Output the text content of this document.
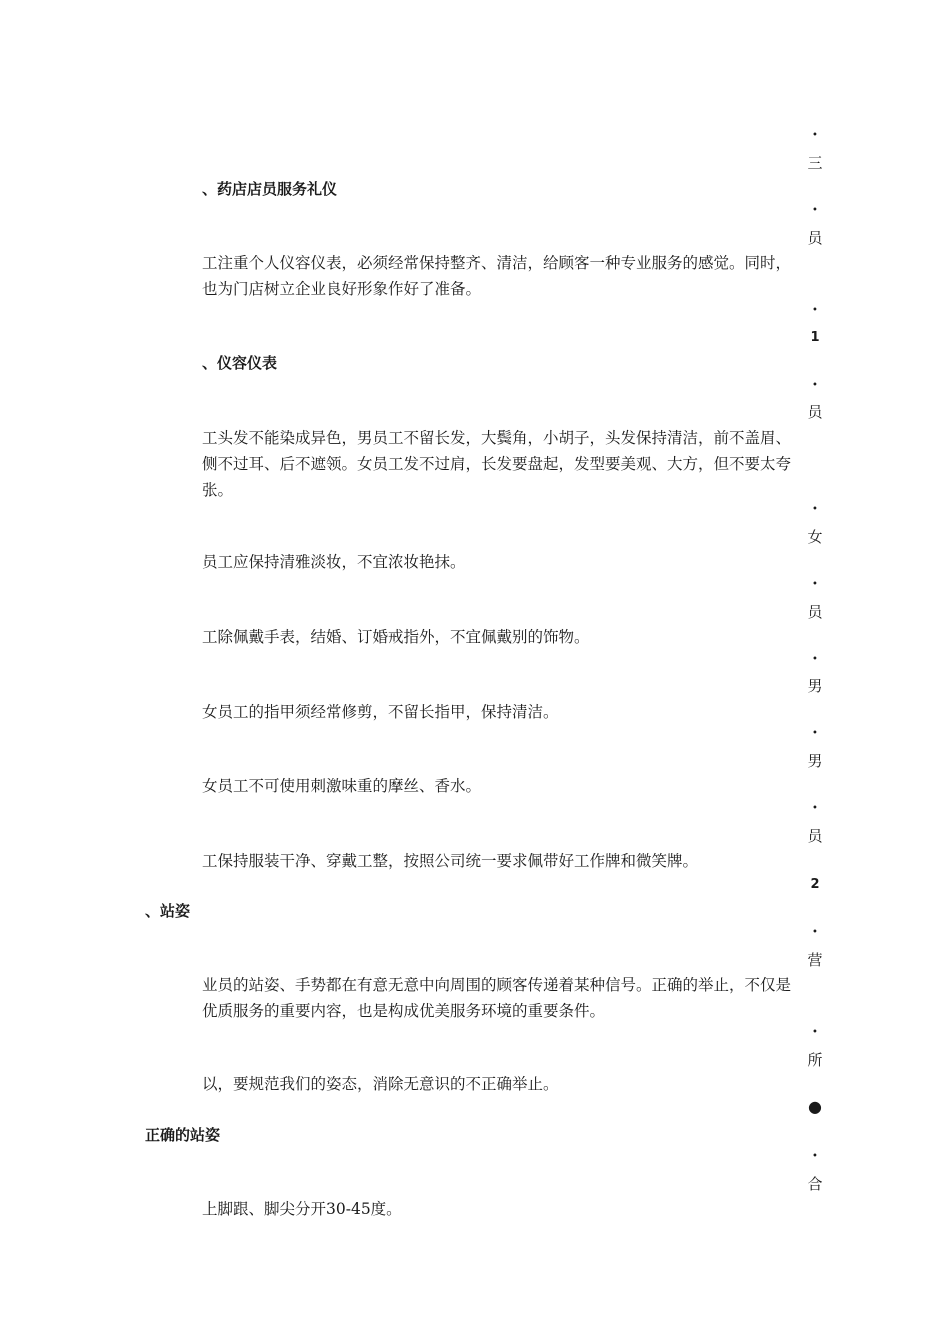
、药店店员服务礼仪
工注重个人仪容仪表，必须经常保持整齐、清洁，给顾客一种专业服务的感觉。同时，也为门店树立企业良好形象作好了准备。
、仪容仪表
工头发不能染成异色，男员工不留长发，大鬓角，小胡子，头发保持清洁，前不盖眉、侧不过耳、后不遮领。女员工发不过肩，长发要盘起，发型要美观、大方，但不要太夸张。
员工应保持清雅淡妆，不宜浓妆艳抹。
工除佩戴手表，结婚、订婚戒指外，不宜佩戴别的饰物。
女员工的指甲须经常修剪，不留长指甲，保持清洁。
女员工不可使用刺激味重的摩丝、香水。
工保持服装干净、穿戴工整，按照公司统一要求佩带好工作牌和微笑牌。
、站姿
业员的站姿、手势都在有意无意中向周围的顾客传递着某种信号。正确的举止，不仅是优质服务的重要内容，也是构成优美服务环境的重要条件。
以，要规范我们的姿态，消除无意识的不正确举止。
正确的站姿
上脚跟、脚尖分开30-45度。
•
三
•
员
•
1
•
员
•
女
•
员
•
男
•
男
•
员
2
•
营
•
所
●
•
合
